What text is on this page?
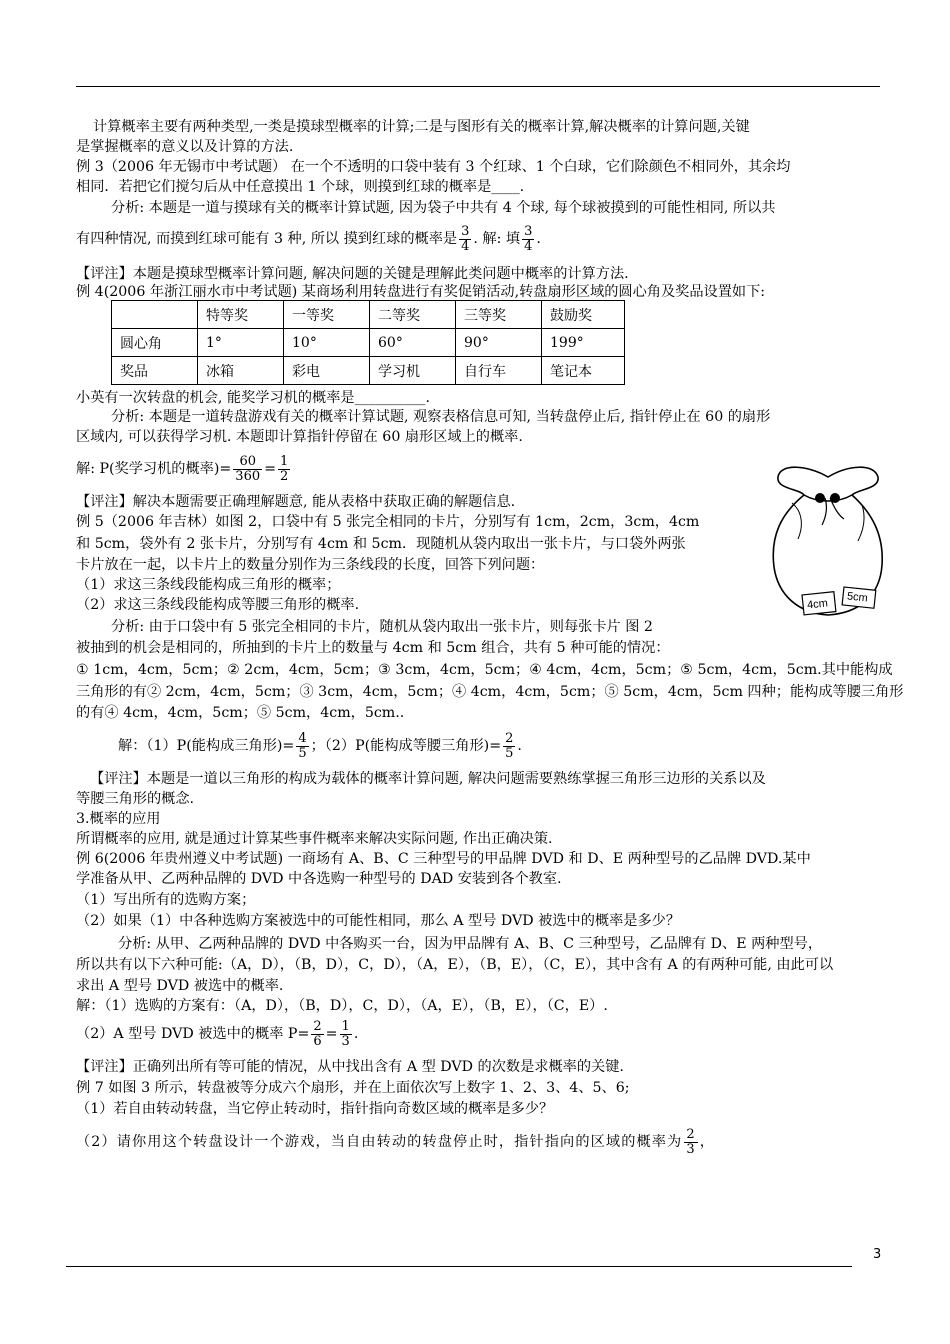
计算概率主要有两种类型,一类是摸球型概率的计算;二是与图形有关的概率计算,解决概率的计算问题,关键
是掌握概率的意义以及计算的方法.
例 3（2006 年无锡市中考试题） 在一个不透明的口袋中装有 3 个红球、1 个白球，它们除颜色不相同外，其余均
相同．若把它们搅匀后从中任意摸出 1 个球，则摸到红球的概率是____.
分析: 本题是一道与摸球有关的概率计算试题, 因为袋子中共有 4 个球, 每个球被摸到的可能性相同, 所以共
有四种情况, 而摸到红球可能有 3 种, 所以 摸到红球的概率是 $\frac{3}{4}$ . 解: 填 $\frac{3}{4}$ .
【评注】本题是摸球型概率计算问题, 解决问题的关键是理解此类问题中概率的计算方法.
例 4(2006 年浙江丽水市中考试题) 某商场利用转盘进行有奖促销活动,转盘扇形区域的圆心角及奖品设置如下:
	特等奖	一等奖	二等奖	三等奖	鼓励奖
圆心角	1°	10°	60°	90°	199°
奖品	冰箱	彩电	学习机	自行车	笔记本
小英有一次转盘的机会, 能奖学习机的概率是__________.
分析: 本题是一道转盘游戏有关的概率计算试题, 观察表格信息可知, 当转盘停止后, 指针停止在 60 的扇形
区域内, 可以获得学习机. 本题即计算指针停留在 60 扇形区域上的概率.
解: P(奖学习机的概率)= $\frac{60}{360} = \frac{1}{2}$
【评注】解决本题需要正确理解题意, 能从表格中获取正确的解题信息.
例 5（2006 年吉林）如图 2，口袋中有 5 张完全相同的卡片，分别写有 1cm，2cm，3cm，4cm
和 5cm，袋外有 2 张卡片，分别写有 4cm 和 5cm．现随机从袋内取出一张卡片，与口袋外两张
卡片放在一起，以卡片上的数量分别作为三条线段的长度，回答下列问题：
（1）求这三条线段能构成三角形的概率；
（2）求这三条线段能构成等腰三角形的概率.
分析: 由于口袋中有 5 张完全相同的卡片，随机从袋内取出一张卡片，则每张卡片 图 2
被抽到的机会是相同的，所抽到的卡片上的数量与 4cm 和 5cm 组合，共有 5 种可能的情况：
① 1cm，4cm，5cm；② 2cm，4cm，5cm；③ 3cm，4cm，5cm；④ 4cm，4cm，5cm；⑤ 5cm，4cm，5cm.其中能构成
三角形的有② 2cm，4cm，5cm；③ 3cm，4cm，5cm；④ 4cm，4cm，5cm；⑤ 5cm，4cm，5cm 四种；能构成等腰三角形
的有④ 4cm，4cm，5cm；⑤ 5cm，4cm，5cm..
解：（1）P(能构成三角形)= $\frac{4}{5}$ ；（2）P(能构成等腰三角形)= $\frac{2}{5}$ .
【评注】本题是一道以三角形的构成为载体的概率计算问题, 解决问题需要熟练掌握三角形三边形的关系以及
等腰三角形的概念.
3.概率的应用
所谓概率的应用, 就是通过计算某些事件概率来解决实际问题, 作出正确决策.
例 6(2006 年贵州遵义中考试题) 一商场有 A、B、C 三种型号的甲品牌 DVD 和 D、E 两种型号的乙品牌 DVD.某中
学准备从甲、乙两种品牌的 DVD 中各选购一种型号的 DAD 安装到各个教室.
（1）写出所有的选购方案；
（2）如果（1）中各种选购方案被选中的可能性相同，那么 A 型号 DVD 被选中的概率是多少？
分析: 从甲、乙两种品牌的 DVD 中各购买一台，因为甲品牌有 A、B、C 三种型号，乙品牌有 D、E 两种型号，
所以共有以下六种可能:（A，D），（B，D），C，D），（A，E），（B，E），（C，E），其中含有 A 的有两种可能, 由此可以
求出 A 型号 DVD 被选中的概率.
解：（1）选购的方案有：（A，D），（B，D），C，D），（A，E），（B，E），（C，E）.
（2）A 型号 DVD 被选中的概率 $P= \frac{2}{6} = \frac{1}{3}$ .
【评注】正确列出所有等可能的情况，从中找出含有 A 型 DVD 的次数是求概率的关键.
例 7 如图 3 所示，转盘被等分成六个扇形，并在上面依次写上数字 1、2、3、4、5、6;
（1）若自由转动转盘，当它停止转动时，指针指向奇数区域的概率是多少？
（2）请你用这个转盘设计一个游戏，当自由转动的转盘停止时，指针指向的区域的概率为 $\frac{2}{3}$ ，
4cm 5cm
3
